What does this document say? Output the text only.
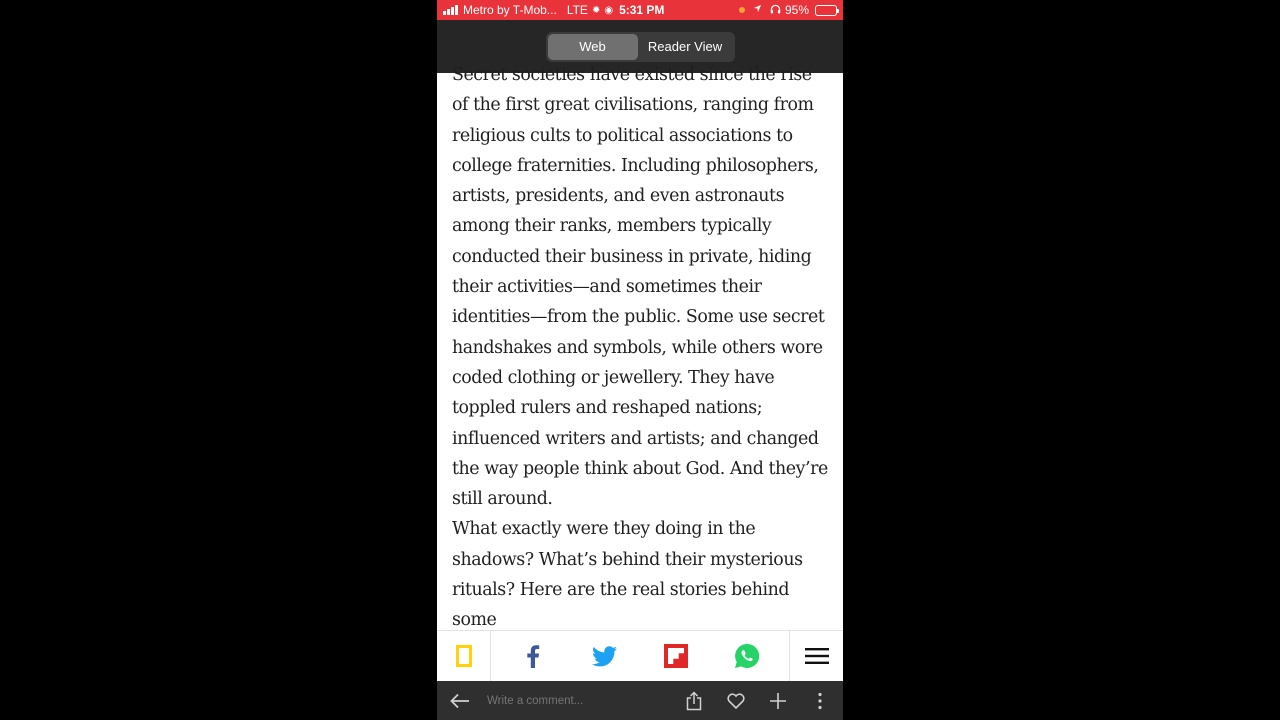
Metro by T-Mob... LTE ✹ ◉ 5:31 PM	95%
Web	Reader View

Secret societies have existed since the rise of the first great civilisations, ranging from religious cults to political associations to college fraternities. Including philosophers, artists, presidents, and even astronauts among their ranks, members typically conducted their business in private, hiding their activities—and sometimes their identities—from the public. Some use secret handshakes and symbols, while others wore coded clothing or jewellery. They have toppled rulers and reshaped nations; influenced writers and artists; and changed the way people think about God. And they’re still around.

What exactly were they doing in the shadows? What’s behind their mysterious rituals? Here are the real stories behind some

Write a comment...
